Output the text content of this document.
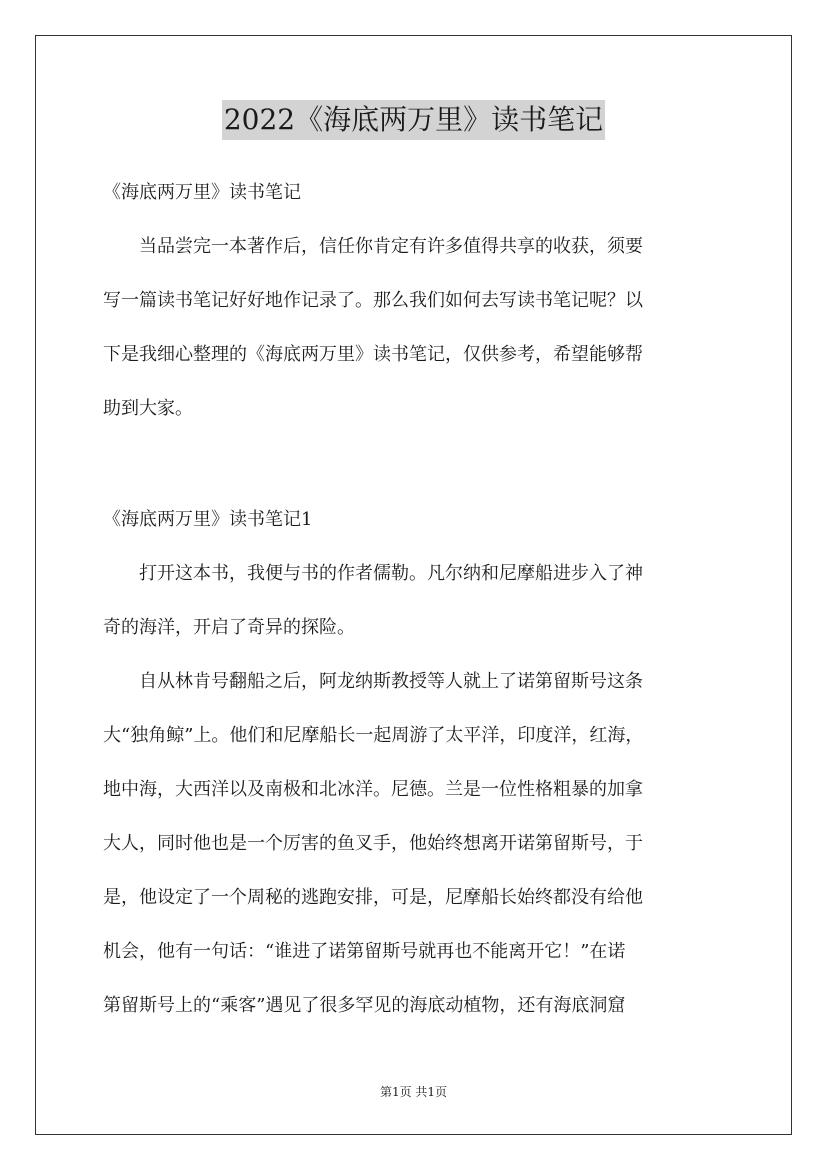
2022《海底两万里》读书笔记
《海底两万里》读书笔记
　　当品尝完一本著作后，信任你肯定有许多值得共享的收获，须要
写一篇读书笔记好好地作记录了。那么我们如何去写读书笔记呢？以
下是我细心整理的《海底两万里》读书笔记，仅供参考，希望能够帮
助到大家。
《海底两万里》读书笔记1
　　打开这本书，我便与书的作者儒勒。凡尔纳和尼摩船进步入了神
奇的海洋，开启了奇异的探险。
　　自从林肯号翻船之后，阿龙纳斯教授等人就上了诺第留斯号这条
大“独角鲸”上。他们和尼摩船长一起周游了太平洋，印度洋，红海，
地中海，大西洋以及南极和北冰洋。尼德。兰是一位性格粗暴的加拿
大人，同时他也是一个厉害的鱼叉手，他始终想离开诺第留斯号，于
是，他设定了一个周秘的逃跑安排，可是，尼摩船长始终都没有给他
机会，他有一句话：“谁进了诺第留斯号就再也不能离开它！”在诺
第留斯号上的“乘客”遇见了很多罕见的海底动植物，还有海底洞窟
第1页 共1页
